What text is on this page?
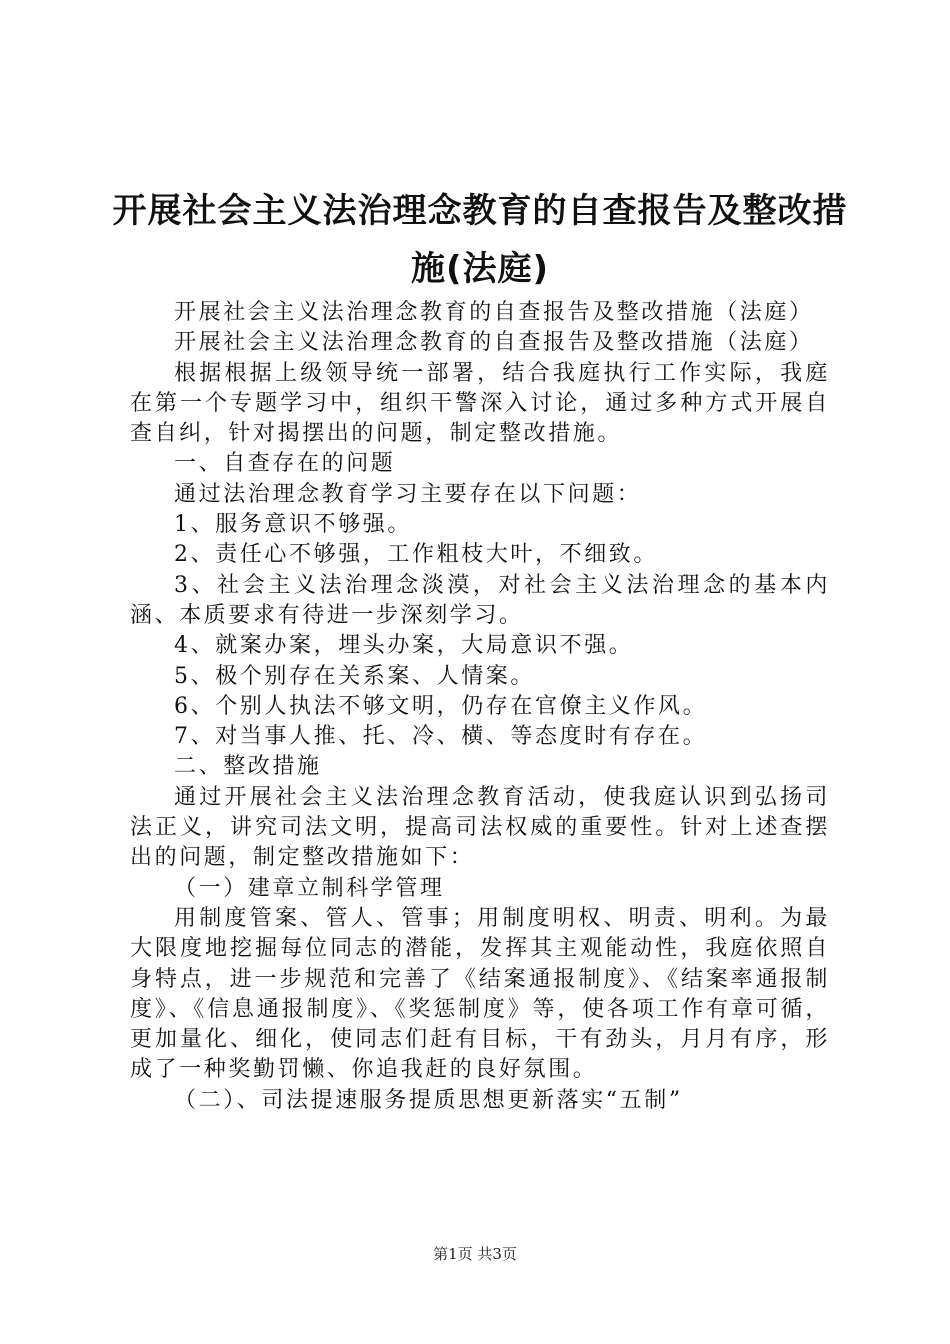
开展社会主义法治理念教育的自查报告及整改措施(法庭)

开展社会主义法治理念教育的自查报告及整改措施（法庭）

开展社会主义法治理念教育的自查报告及整改措施（法庭）

根据根据上级领导统一部署，结合我庭执行工作实际，我庭在第一个专题学习中，组织干警深入讨论，通过多种方式开展自查自纠，针对揭摆出的问题，制定整改措施。

一、自查存在的问题

通过法治理念教育学习主要存在以下问题：

1、服务意识不够强。

2、责任心不够强，工作粗枝大叶，不细致。

3、社会主义法治理念淡漠，对社会主义法治理念的基本内涵、本质要求有待进一步深刻学习。

4、就案办案，埋头办案，大局意识不强。

5、极个别存在关系案、人情案。

6、个别人执法不够文明，仍存在官僚主义作风。

7、对当事人推、托、冷、横、等态度时有存在。

二、整改措施

通过开展社会主义法治理念教育活动，使我庭认识到弘扬司法正义，讲究司法文明，提高司法权威的重要性。针对上述查摆出的问题，制定整改措施如下：

（一）建章立制科学管理

用制度管案、管人、管事；用制度明权、明责、明利。为最大限度地挖掘每位同志的潜能，发挥其主观能动性，我庭依照自身特点，进一步规范和完善了《结案通报制度》、《结案率通报制度》、《信息通报制度》、《奖惩制度》等，使各项工作有章可循，更加量化、细化，使同志们赶有目标，干有劲头，月月有序，形成了一种奖勤罚懒、你追我赶的良好氛围。

（二）、司法提速服务提质思想更新落实“五制”

第1页 共3页
